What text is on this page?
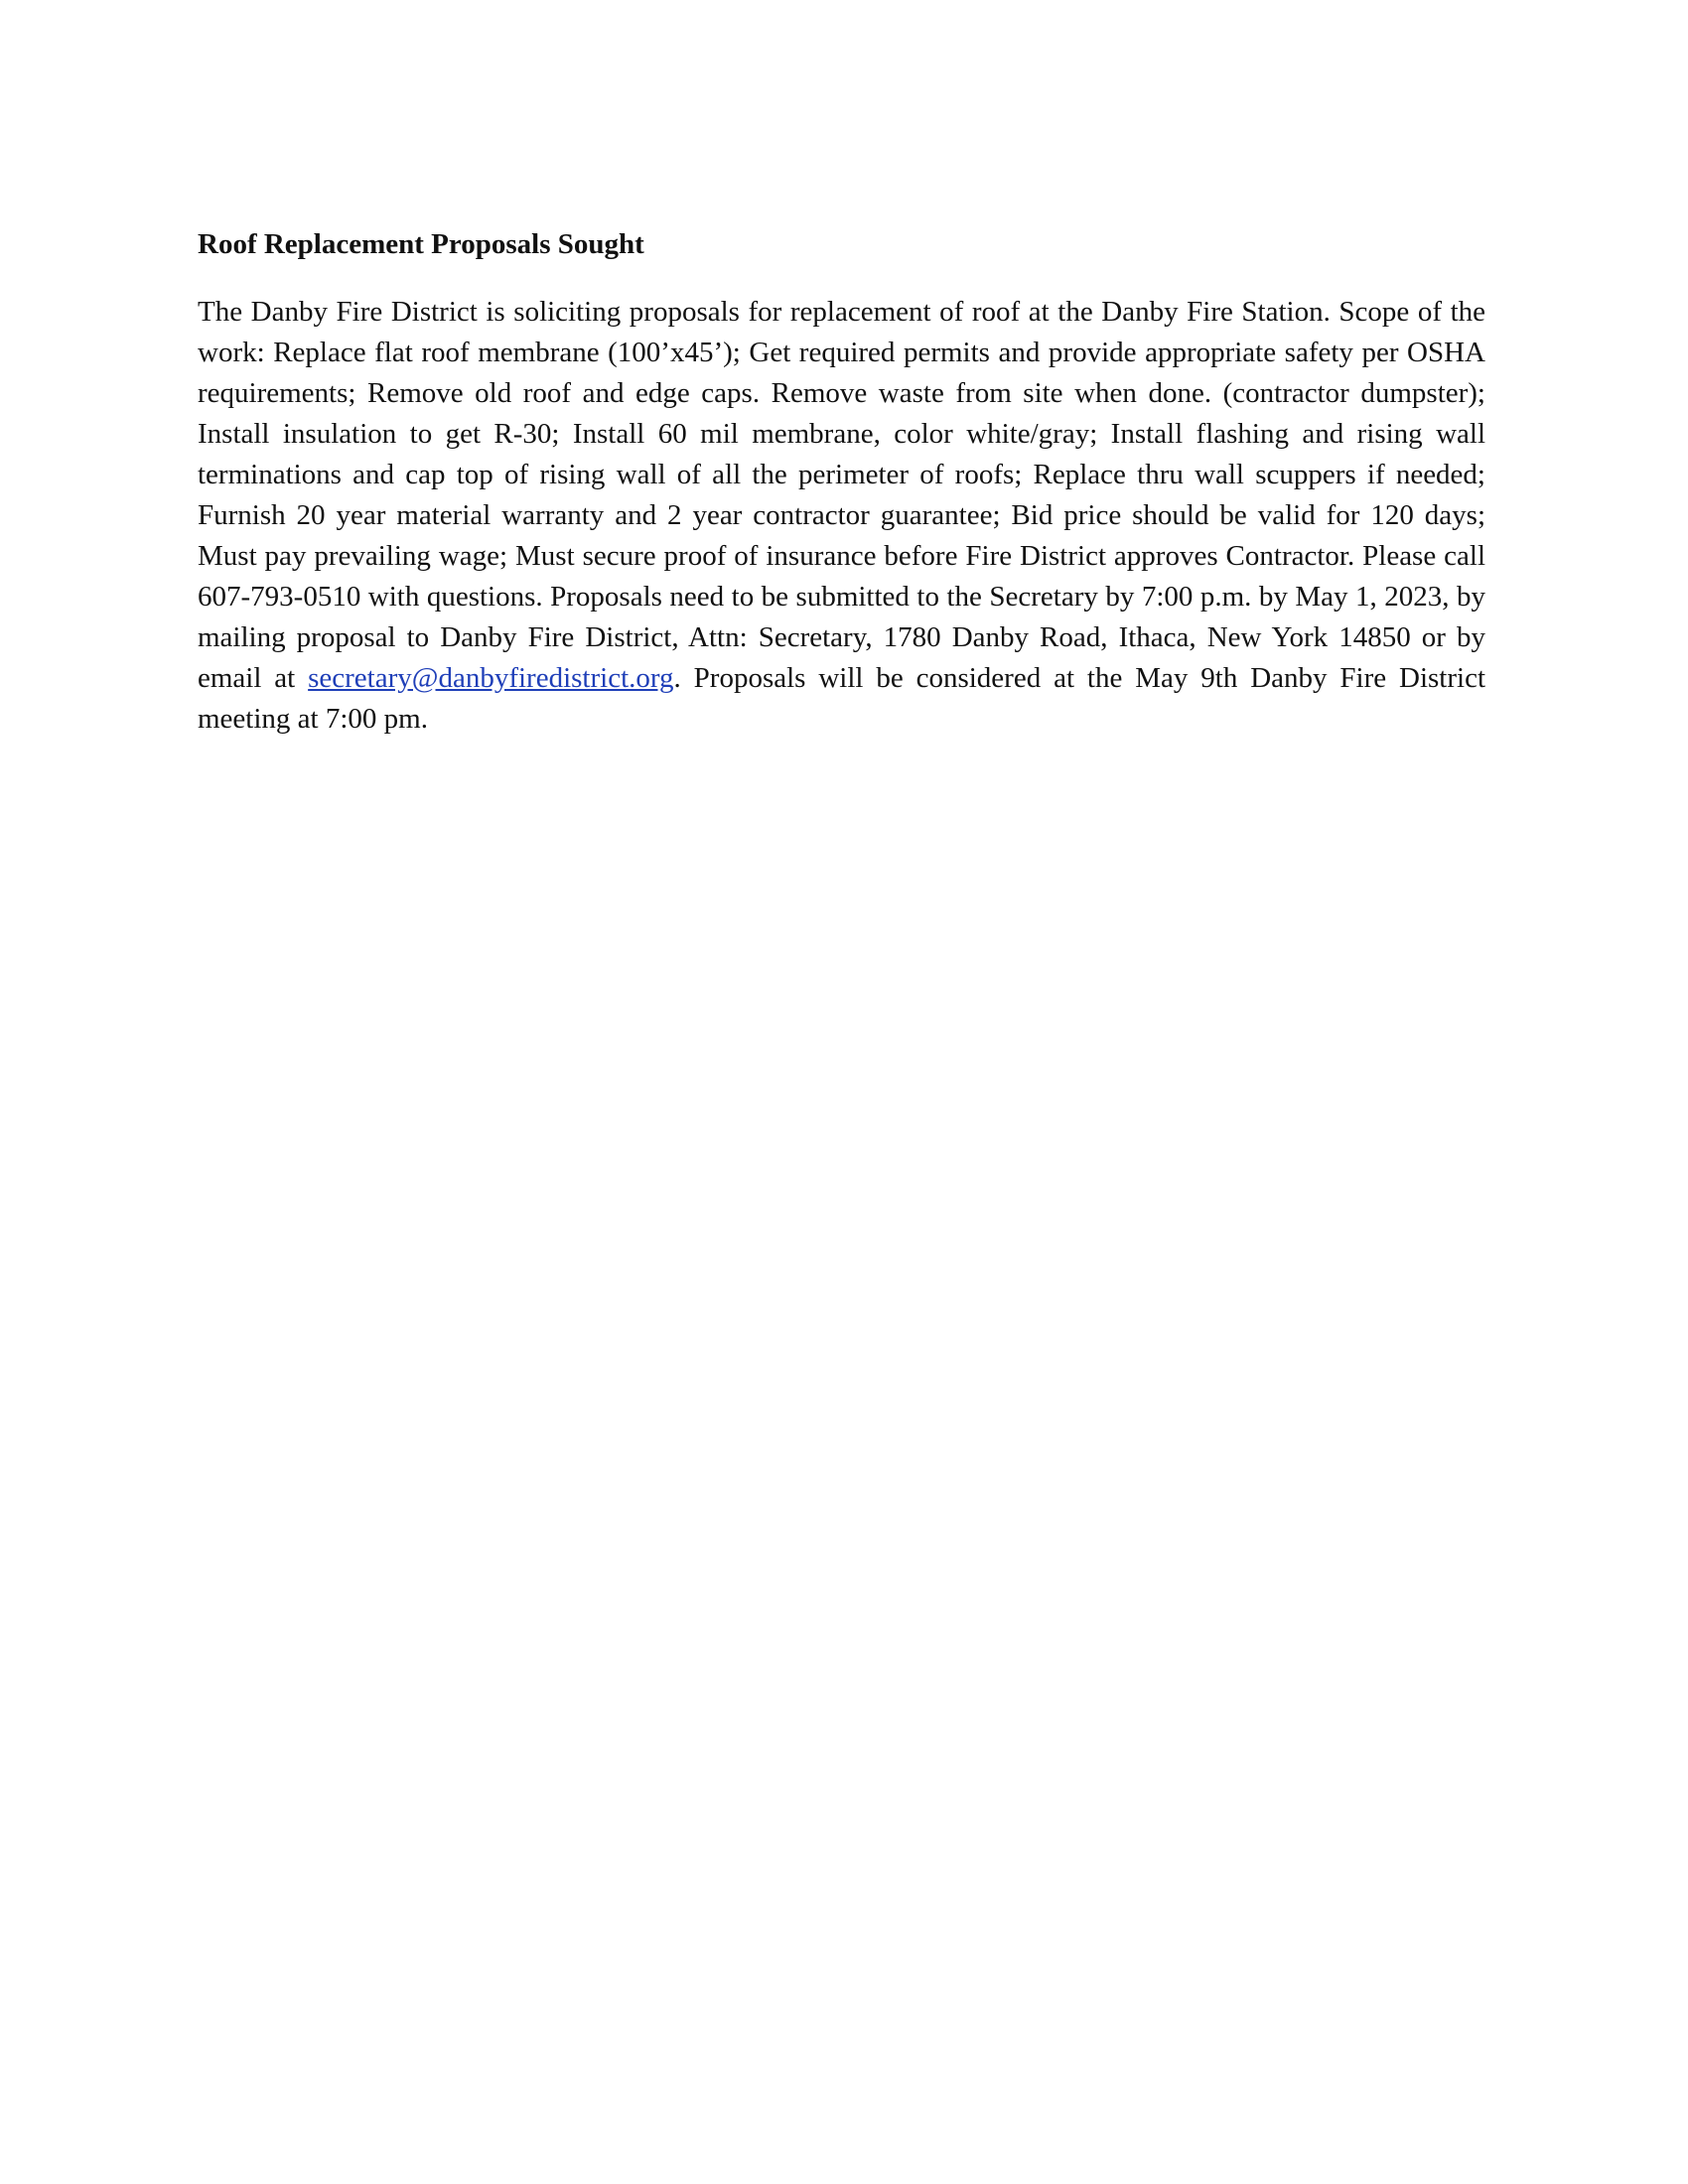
Roof Replacement Proposals Sought

The Danby Fire District is soliciting proposals for replacement of roof at the Danby Fire Station. Scope of the work: Replace flat roof membrane (100’x45’); Get required permits and provide appropriate safety per OSHA requirements; Remove old roof and edge caps. Remove waste from site when done. (contractor dumpster); Install insulation to get R-30; Install 60 mil membrane, color white/gray; Install flashing and rising wall terminations and cap top of rising wall of all the perimeter of roofs; Replace thru wall scuppers if needed; Furnish 20 year material warranty and 2 year contractor guarantee; Bid price should be valid for 120 days; Must pay prevailing wage; Must secure proof of insurance before Fire District approves Contractor. Please call 607-793-0510 with questions. Proposals need to be submitted to the Secretary by 7:00 p.m. by May 1, 2023, by mailing proposal to Danby Fire District, Attn: Secretary, 1780 Danby Road, Ithaca, New York 14850 or by email at secretary@danbyfiredistrict.org. Proposals will be considered at the May 9th Danby Fire District meeting at 7:00 pm.
